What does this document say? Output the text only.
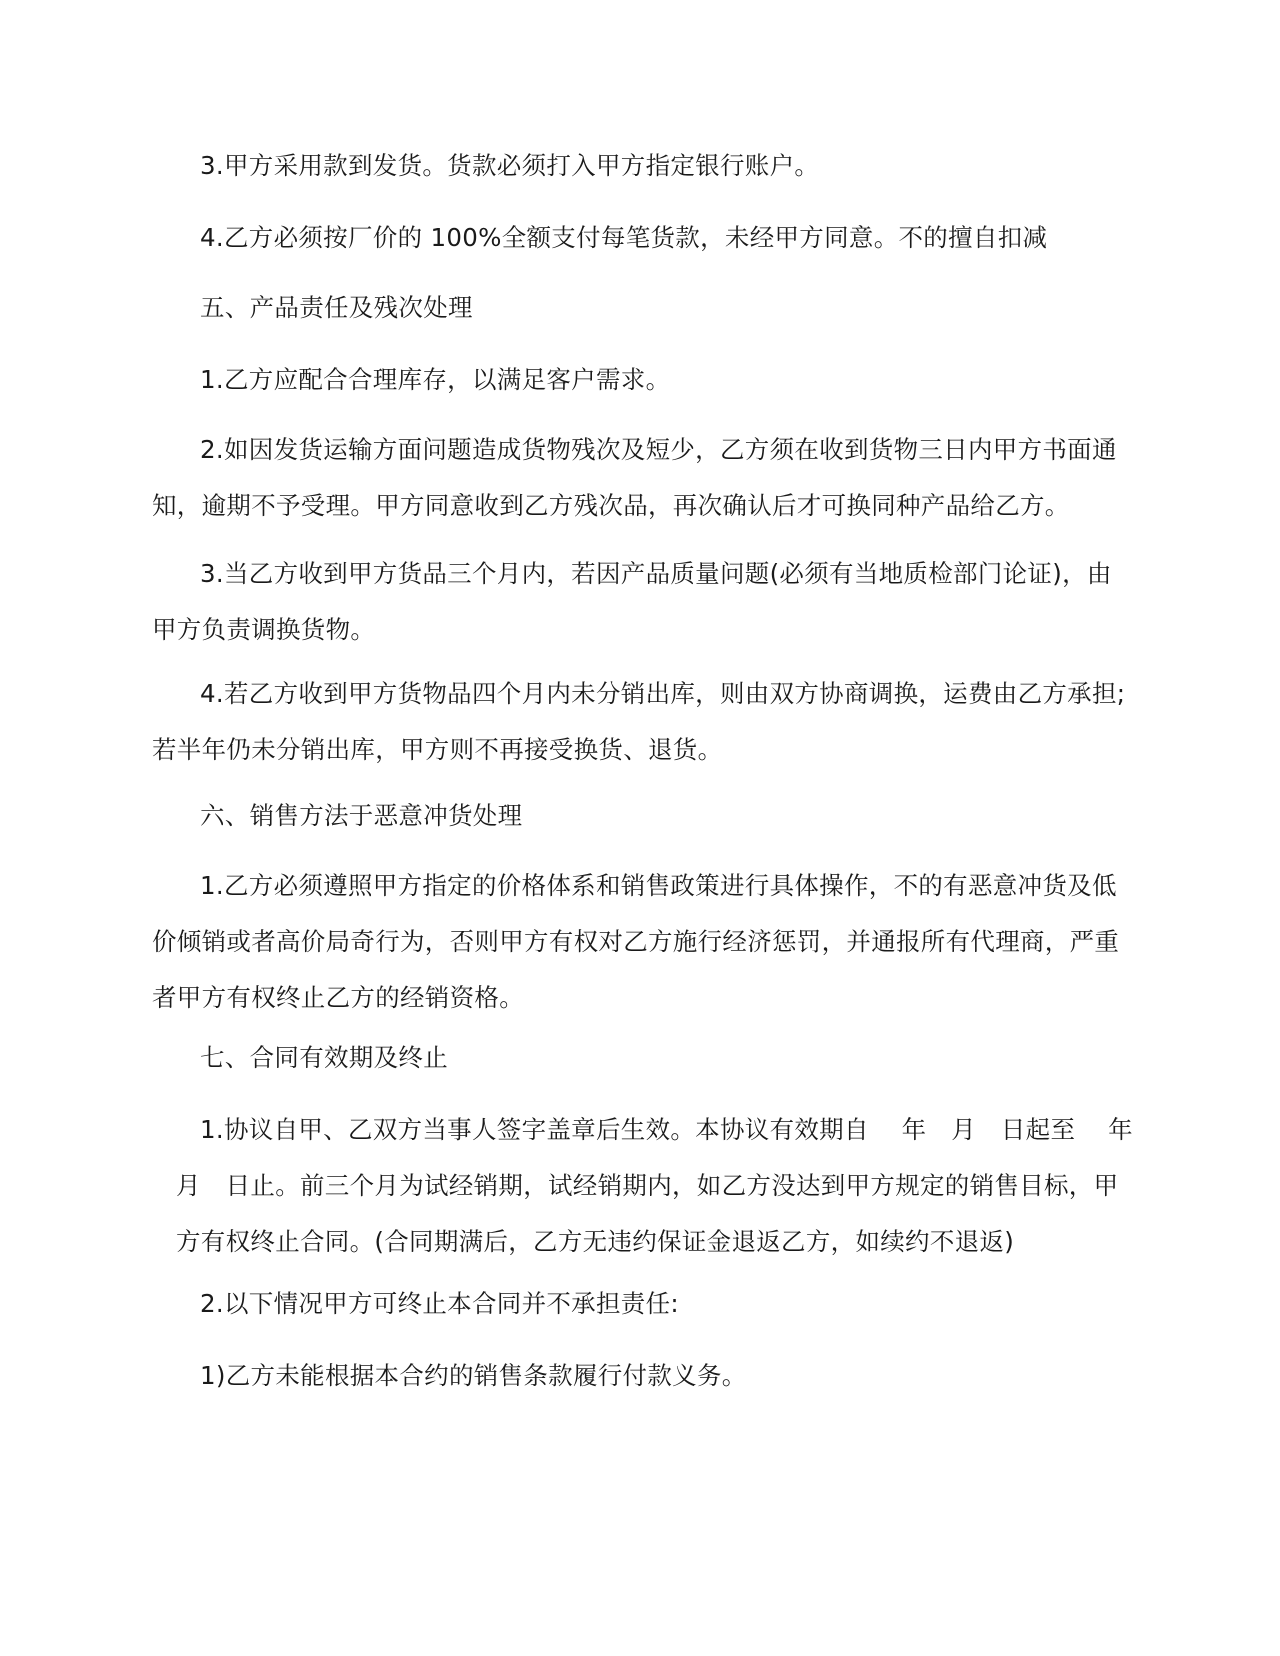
3.甲方采用款到发货。货款必须打入甲方指定银行账户。

4.乙方必须按厂价的 100%全额支付每笔货款，未经甲方同意。不的擅自扣减

五、产品责任及残次处理

1.乙方应配合合理库存，以满足客户需求。

2.如因发货运输方面问题造成货物残次及短少，乙方须在收到货物三日内甲方书面通
知，逾期不予受理。甲方同意收到乙方残次品，再次确认后才可换同种产品给乙方。

3.当乙方收到甲方货品三个月内，若因产品质量问题(必须有当地质检部门论证)，由
甲方负责调换货物。

4.若乙方收到甲方货物品四个月内未分销出库，则由双方协商调换，运费由乙方承担;
若半年仍未分销出库，甲方则不再接受换货、退货。

六、销售方法于恶意冲货处理

1.乙方必须遵照甲方指定的价格体系和销售政策进行具体操作，不的有恶意冲货及低
价倾销或者高价局奇行为，否则甲方有权对乙方施行经济惩罚，并通报所有代理商，严重
者甲方有权终止乙方的经销资格。

七、合同有效期及终止

1.协议自甲、乙双方当事人签字盖章后生效。本协议有效期自　 年　月　日起至　 年
月　日止。前三个月为试经销期，试经销期内，如乙方没达到甲方规定的销售目标，甲
方有权终止合同。(合同期满后，乙方无违约保证金退返乙方，如续约不退返)

2.以下情况甲方可终止本合同并不承担责任:

1)乙方未能根据本合约的销售条款履行付款义务。
